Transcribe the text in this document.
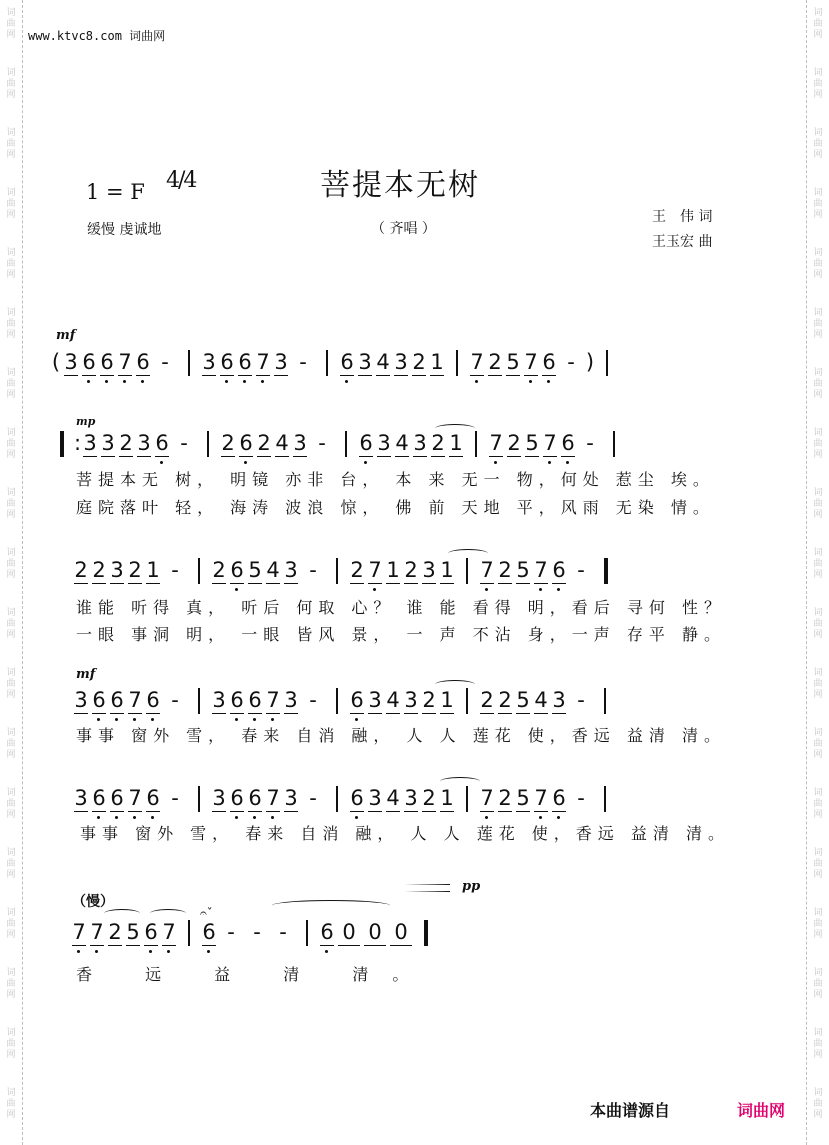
词
曲
网
词
曲
网
词
曲
网
词
曲
网
词
曲
网
词
曲
网
词
曲
网
词
曲
网
词
曲
网
词
曲
网
词
曲
网
词
曲
网
词
曲
网
词
曲
网
词
曲
网
词
曲
网
词
曲
网
词
曲
网
词
曲
网
词
曲
网
词
曲
网
词
曲
网
词
曲
网
词
曲
网
词
曲
网
词
曲
网
词
曲
网
词
曲
网
词
曲
网
词
曲
网
词
曲
网
词
曲
网
词
曲
网
词
曲
网
词
曲
网
词
曲
网
词
曲
网
词
曲
网
www.ktvc8.com 词曲网
1 = F 4/4	菩提本无树
缓慢 虔诚地	（ 齐唱 ）
王　伟 词
王玉宏 曲
mf
( 3 6 6 7 6 - 3 6 6 7 3 - 6 3 4 3 2 1 7 2 5 7 6 - )
mp
: 3 3 2 3 6 - 2 6 2 4 3 - 6 3 4 3 2 1 7 2 5 7 6 -
菩提本无 树， 明镜 亦非 台， 本 来 无一 物，何处 惹尘 埃。
庭院落叶 轻， 海涛 波浪 惊， 佛 前 天地 平，风雨 无染 情。
2 2 3 2 1 - 2 6 5 4 3 - 2 7 1 2 3 1 7 2 5 7 6 -
谁能 听得 真， 听后 何取 心？ 谁 能 看得 明，看后 寻何 性？
一眼 事洞 明， 一眼 皆风 景， 一 声 不沾 身，一声 存平 静。
mf
3 6 6 7 6 - 3 6 6 7 3 - 6 3 4 3 2 1 2 2 5 4 3 -
事事 窗外 雪， 春来 自消 融， 人 人 莲花 使，香远 益清 清。
3 6 6 7 6 - 3 6 6 7 3 - 6 3 4 3 2 1 7 2 5 7 6 -
事事 窗外 雪， 春来 自消 融， 人 人 莲花 使，香远 益清 清。
（慢）
pp
𝄐ˇ
7 7 2 5 6 7 6 - - - 6 0 0 0
香 远 益 清 清。
本曲谱源自	词曲网
